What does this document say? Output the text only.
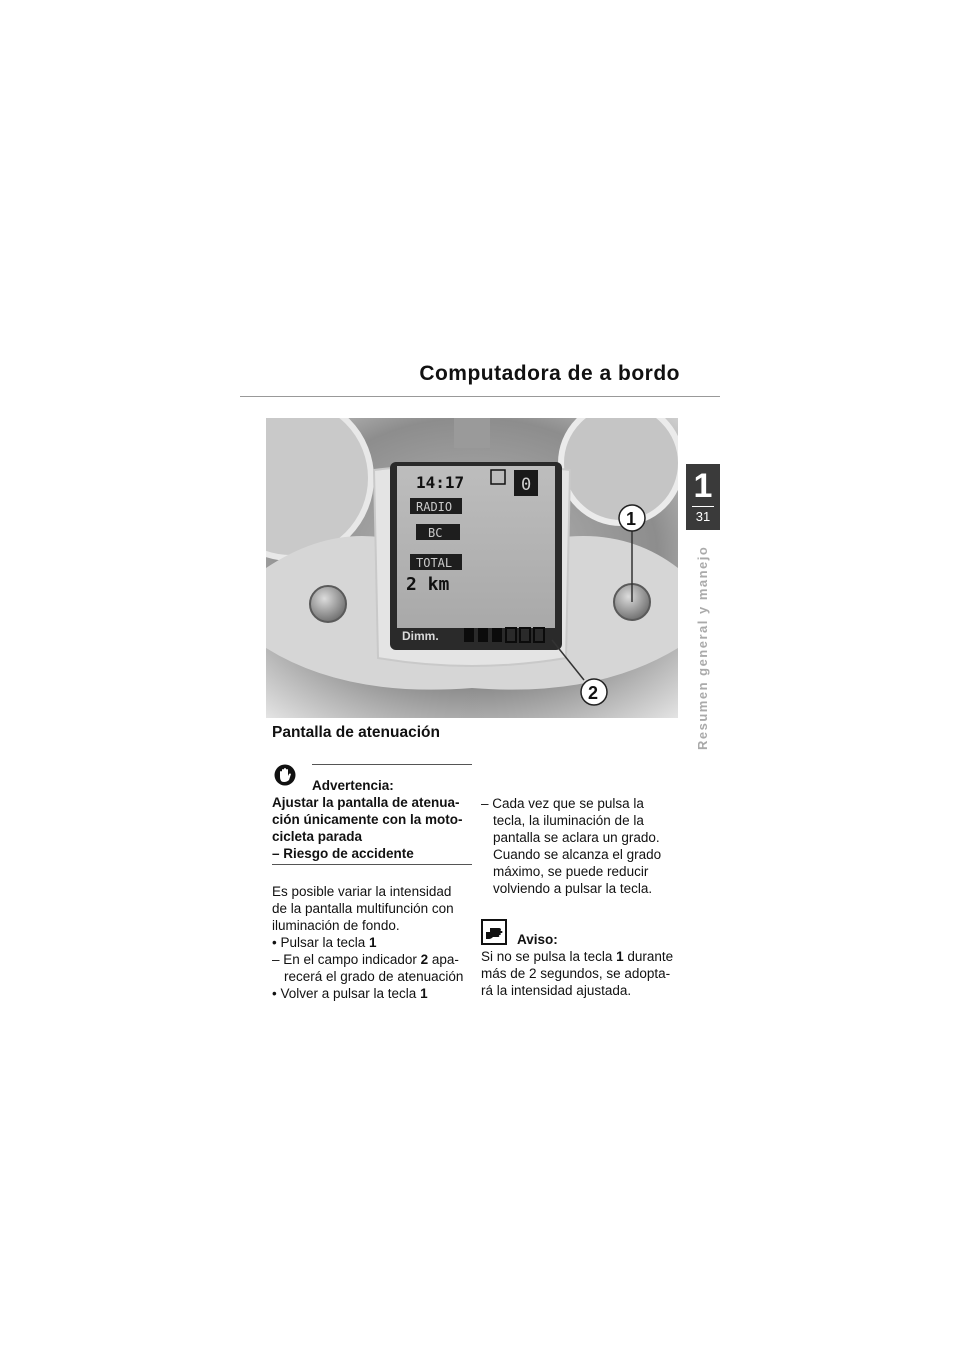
Computadora de a bordo
1
31
Resumen general y manejo
14:17	0
RADIO
BC
TOTAL
2 km
Dimm.
1
2
Pantalla de atenuación
Advertencia:
Ajustar la pantalla de atenua-
ción únicamente con la moto-
cicleta parada
– Riesgo de accidente
Es posible variar la intensidad
de la pantalla multifunción con
iluminación de fondo.
• Pulsar la tecla 1
– En el campo indicador 2 apa-
recerá el grado de atenuación
• Volver a pulsar la tecla 1
– Cada vez que se pulsa la
tecla, la iluminación de la
pantalla se aclara un grado.
Cuando se alcanza el grado
máximo, se puede reducir
volviendo a pulsar la tecla.
Aviso:
Si no se pulsa la tecla 1 durante
más de 2 segundos, se adopta-
rá la intensidad ajustada.
